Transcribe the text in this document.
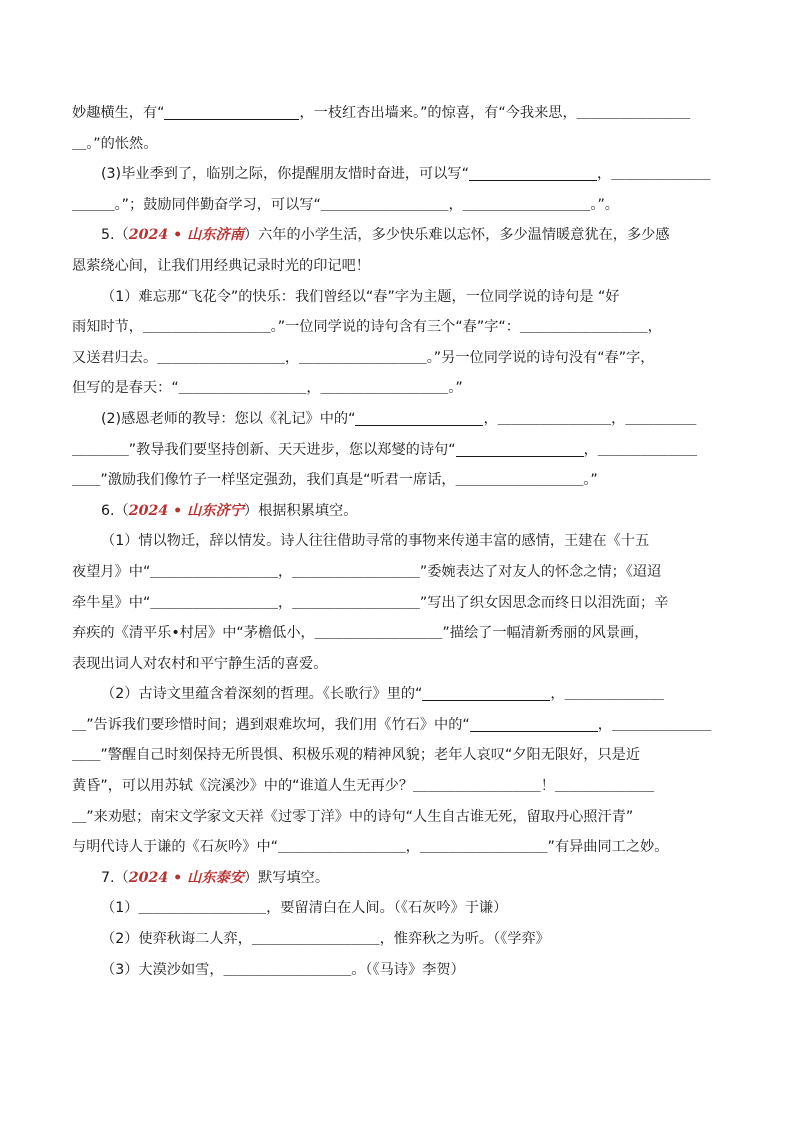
妙趣横生，有“	，一枝红杏出墙来。”的惊喜，有“今我来思，＿＿＿＿＿＿＿＿

＿。”的怅然。

(3)毕业季到了，临别之际，你提醒朋友惜时奋进，可以写“	，＿＿＿＿＿＿＿

＿＿＿。”；鼓励同伴勤奋学习，可以写“＿＿＿＿＿＿＿＿＿，＿＿＿＿＿＿＿＿＿。”。

5.（2024 • 山东济南）六年的小学生活，多少快乐难以忘怀，多少温情暖意犹在，多少感

恩萦绕心间，让我们用经典记录时光的印记吧！

（1）难忘那“飞花令”的快乐：我们曾经以“春”字为主题，一位同学说的诗句是 “好

雨知时节，＿＿＿＿＿＿＿＿＿。”一位同学说的诗句含有三个“春”字“：＿＿＿＿＿＿＿＿＿，

又送君归去。＿＿＿＿＿＿＿＿＿，＿＿＿＿＿＿＿＿＿。”另一位同学说的诗句没有“春”字，

但写的是春天：“＿＿＿＿＿＿＿＿＿，＿＿＿＿＿＿＿＿＿。”

(2)感恩老师的教导：您以《礼记》中的“	，＿＿＿＿＿＿＿＿，＿＿＿＿＿

＿＿＿＿”教导我们要坚持创新、天天进步，您以郑燮的诗句“	，＿＿＿＿＿＿＿

＿＿”激励我们像竹子一样坚定强劲，我们真是“听君一席话，＿＿＿＿＿＿＿＿＿。”

6.（2024 • 山东济宁）根据积累填空。

（1）情以物迁，辞以情发。诗人往往借助寻常的事物来传递丰富的感情，王建在《十五

夜望月》中“＿＿＿＿＿＿＿＿＿，＿＿＿＿＿＿＿＿＿”委婉表达了对友人的怀念之情；《迢迢

牵牛星》中“＿＿＿＿＿＿＿＿＿，＿＿＿＿＿＿＿＿＿”写出了织女因思念而终日以泪洗面；辛

弃疾的《清平乐•村居》中“茅檐低小，＿＿＿＿＿＿＿＿＿”描绘了一幅清新秀丽的风景画，

表现出词人对农村和平宁静生活的喜爱。

（2）古诗文里蕴含着深刻的哲理。《长歌行》里的“	，＿＿＿＿＿＿＿

＿”告诉我们要珍惜时间；遇到艰难坎坷，我们用《竹石》中的“	，＿＿＿＿＿＿＿

＿＿”警醒自己时刻保持无所畏惧、积极乐观的精神风貌；老年人哀叹“夕阳无限好，只是近

黄昏”，可以用苏轼《浣溪沙》中的“谁道人生无再少？＿＿＿＿＿＿＿＿＿！＿＿＿＿＿＿＿

＿”来劝慰；南宋文学家文天祥《过零丁洋》中的诗句“人生自古谁无死，留取丹心照汗青”

与明代诗人于谦的《石灰吟》中“＿＿＿＿＿＿＿＿＿，＿＿＿＿＿＿＿＿＿”有异曲同工之妙。

7.（2024 • 山东泰安）默写填空。

（1）＿＿＿＿＿＿＿＿＿，要留清白在人间。（《石灰吟》于谦）

（2）使弈秋诲二人弈，＿＿＿＿＿＿＿＿＿，惟弈秋之为听。（《学弈》

（3）大漠沙如雪，＿＿＿＿＿＿＿＿＿。（《马诗》李贺）
